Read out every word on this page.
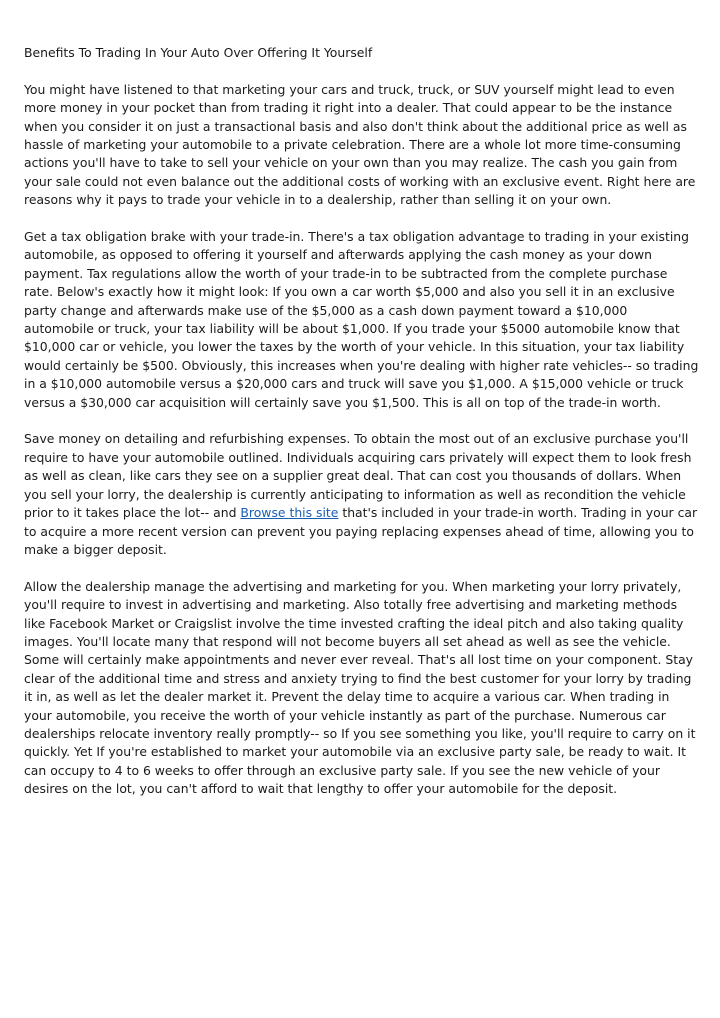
Benefits To Trading In Your Auto Over Offering It Yourself

You might have listened to that marketing your cars and truck, truck, or SUV yourself might lead to even more money in your pocket than from trading it right into a dealer. That could appear to be the instance when you consider it on just a transactional basis and also don't think about the additional price as well as hassle of marketing your automobile to a private celebration. There are a whole lot more time-consuming actions you'll have to take to sell your vehicle on your own than you may realize. The cash you gain from your sale could not even balance out the additional costs of working with an exclusive event. Right here are reasons why it pays to trade your vehicle in to a dealership, rather than selling it on your own.

Get a tax obligation brake with your trade-in. There's a tax obligation advantage to trading in your existing automobile, as opposed to offering it yourself and afterwards applying the cash money as your down payment. Tax regulations allow the worth of your trade-in to be subtracted from the complete purchase rate. Below's exactly how it might look: If you own a car worth $5,000 and also you sell it in an exclusive party change and afterwards make use of the $5,000 as a cash down payment toward a $10,000 automobile or truck, your tax liability will be about $1,000. If you trade your $5000 automobile know that $10,000 car or vehicle, you lower the taxes by the worth of your vehicle. In this situation, your tax liability would certainly be $500. Obviously, this increases when you're dealing with higher rate vehicles-- so trading in a $10,000 automobile versus a $20,000 cars and truck will save you $1,000. A $15,000 vehicle or truck versus a $30,000 car acquisition will certainly save you $1,500. This is all on top of the trade-in worth.

Save money on detailing and refurbishing expenses. To obtain the most out of an exclusive purchase you'll require to have your automobile outlined. Individuals acquiring cars privately will expect them to look fresh as well as clean, like cars they see on a supplier great deal. That can cost you thousands of dollars. When you sell your lorry, the dealership is currently anticipating to information as well as recondition the vehicle prior to it takes place the lot-- and Browse this site that's included in your trade-in worth. Trading in your car to acquire a more recent version can prevent you paying replacing expenses ahead of time, allowing you to make a bigger deposit.

Allow the dealership manage the advertising and marketing for you. When marketing your lorry privately, you'll require to invest in advertising and marketing. Also totally free advertising and marketing methods like Facebook Market or Craigslist involve the time invested crafting the ideal pitch and also taking quality images. You'll locate many that respond will not become buyers all set ahead as well as see the vehicle. Some will certainly make appointments and never ever reveal. That's all lost time on your component. Stay clear of the additional time and stress and anxiety trying to find the best customer for your lorry by trading it in, as well as let the dealer market it. Prevent the delay time to acquire a various car. When trading in your automobile, you receive the worth of your vehicle instantly as part of the purchase. Numerous car dealerships relocate inventory really promptly-- so If you see something you like, you'll require to carry on it quickly. Yet If you're established to market your automobile via an exclusive party sale, be ready to wait. It can occupy to 4 to 6 weeks to offer through an exclusive party sale. If you see the new vehicle of your desires on the lot, you can't afford to wait that lengthy to offer your automobile for the deposit.
